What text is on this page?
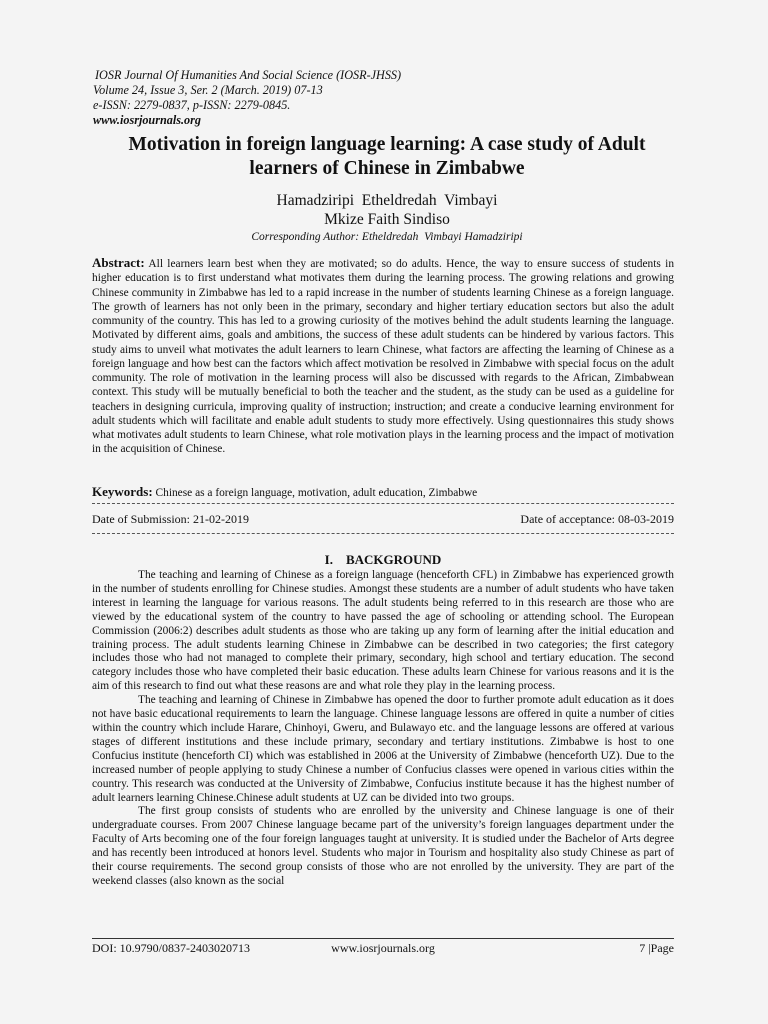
IOSR Journal Of Humanities And Social Science (IOSR-JHSS)
Volume 24, Issue 3, Ser. 2 (March. 2019) 07-13
e-ISSN: 2279-0837, p-ISSN: 2279-0845.
www.iosrjournals.org
Motivation in foreign language learning: A case study of Adult learners of Chinese in Zimbabwe
Hamadziripi  Etheldredah  Vimbayi
Mkize Faith Sindiso
Corresponding Author: Etheldredah  Vimbayi Hamadziripi
Abstract: All learners learn best when they are motivated; so do adults. Hence, the way to ensure success of students in higher education is to first understand what motivates them during the learning process. The growing relations and growing Chinese community in Zimbabwe has led to a rapid increase in the number of students learning Chinese as a foreign language. The growth of learners has not only been in the primary, secondary and higher tertiary education sectors but also the adult community of the country. This has led to a growing curiosity of the motives behind the adult students learning the language. Motivated by different aims, goals and ambitions, the success of these adult students can be hindered by various factors. This study aims to unveil what motivates the adult learners to learn Chinese, what factors are affecting the learning of Chinese as a foreign language and how best can the factors which affect motivation be resolved in Zimbabwe with special focus on the adult community. The role of motivation in the learning process will also be discussed with regards to the African, Zimbabwean context. This study will be mutually beneficial to both the teacher and the student, as the study can be used as a guideline for teachers in designing curricula, improving quality of instruction; instruction; and create a conducive learning environment for adult students which will facilitate and enable adult students to study more effectively. Using questionnaires this study shows what motivates adult students to learn Chinese, what role motivation plays in the learning process and the impact of motivation in the acquisition of Chinese.
Keywords: Chinese as a foreign language, motivation, adult education, Zimbabwe
Date of Submission: 21-02-2019	Date of acceptance: 08-03-2019
I.    BACKGROUND

The teaching and learning of Chinese as a foreign language (henceforth CFL) in Zimbabwe has experienced growth in the number of students enrolling for Chinese studies. Amongst these students are a number of adult students who have taken interest in learning the language for various reasons. The adult students being referred to in this research are those who are viewed by the educational system of the country to have passed the age of schooling or attending school. The European Commission (2006:2) describes adult students as those who are taking up any form of learning after the initial education and training process. The adult students learning Chinese in Zimbabwe can be described in two categories; the first category includes those who had not managed to complete their primary, secondary, high school and tertiary education. The second category includes those who have completed their basic education. These adults learn Chinese for various reasons and it is the aim of this research to find out what these reasons are and what role they play in the learning process.

The teaching and learning of Chinese in Zimbabwe has opened the door to further promote adult education as it does not have basic educational requirements to learn the language. Chinese language lessons are offered in quite a number of cities within the country which include Harare, Chinhoyi, Gweru, and Bulawayo etc. and the language lessons are offered at various stages of different institutions and these include primary, secondary and tertiary institutions. Zimbabwe is host to one Confucius institute (henceforth CI) which was established in 2006 at the University of Zimbabwe (henceforth UZ). Due to the increased number of people applying to study Chinese a number of Confucius classes were opened in various cities within the country. This research was conducted at the University of Zimbabwe, Confucius institute because it has the highest number of adult learners learning Chinese.Chinese adult students at UZ can be divided into two groups.

The first group consists of students who are enrolled by the university and Chinese language is one of their undergraduate courses. From 2007 Chinese language became part of the university’s foreign languages department under the Faculty of Arts becoming one of the four foreign languages taught at university. It is studied under the Bachelor of Arts degree and has recently been introduced at honors level. Students who major in Tourism and hospitality also study Chinese as part of their course requirements. The second group consists of those who are not enrolled by the university. They are part of the weekend classes (also known as the social

DOI: 10.9790/0837-2403020713	www.iosrjournals.org	7 |Page
